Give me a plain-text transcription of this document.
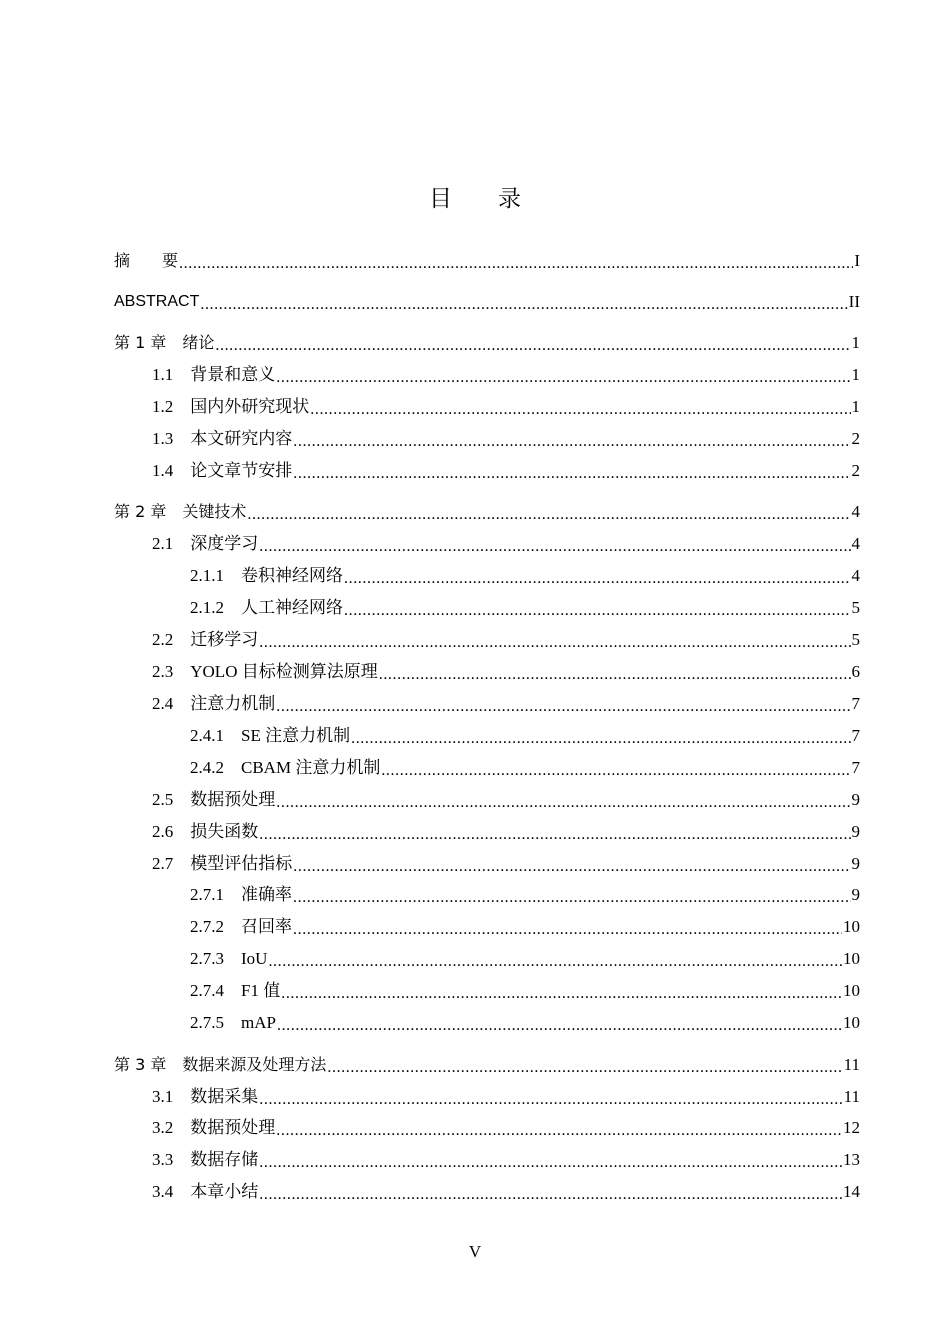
目 录
摘　　要 .....	I
ABSTRACT .....	II
第 1 章　 绪论 .....	1
1.1　 背景和意义 .....	1
1.2　 国内外研究现状 .....	1
1.3　 本文研究内容 .....	2
1.4　 论文章节安排 .....	2
第 2 章　 关键技术 .....	4
2.1　 深度学习 .....	4
2.1.1　 卷积神经网络 .....	4
2.1.2　 人工神经网络 .....	5
2.2　 迁移学习 .....	5
2.3　 YOLO 目标检测算法原理 .....	6
2.4　 注意力机制 .....	7
2.4.1　 SE 注意力机制 .....	7
2.4.2　 CBAM 注意力机制 .....	7
2.5　 数据预处理 .....	9
2.6　 损失函数 .....	9
2.7　 模型评估指标 .....	9
2.7.1　 准确率 .....	9
2.7.2　 召回率 .....	10
2.7.3　 IoU .....	10
2.7.4　 F1 值 .....	10
2.7.5　 mAP .....	10
第 3 章　 数据来源及处理方法 .....	11
3.1　 数据采集 .....	11
3.2　 数据预处理 .....	12
3.3　 数据存储 .....	13
3.4　 本章小结 .....	14
V
